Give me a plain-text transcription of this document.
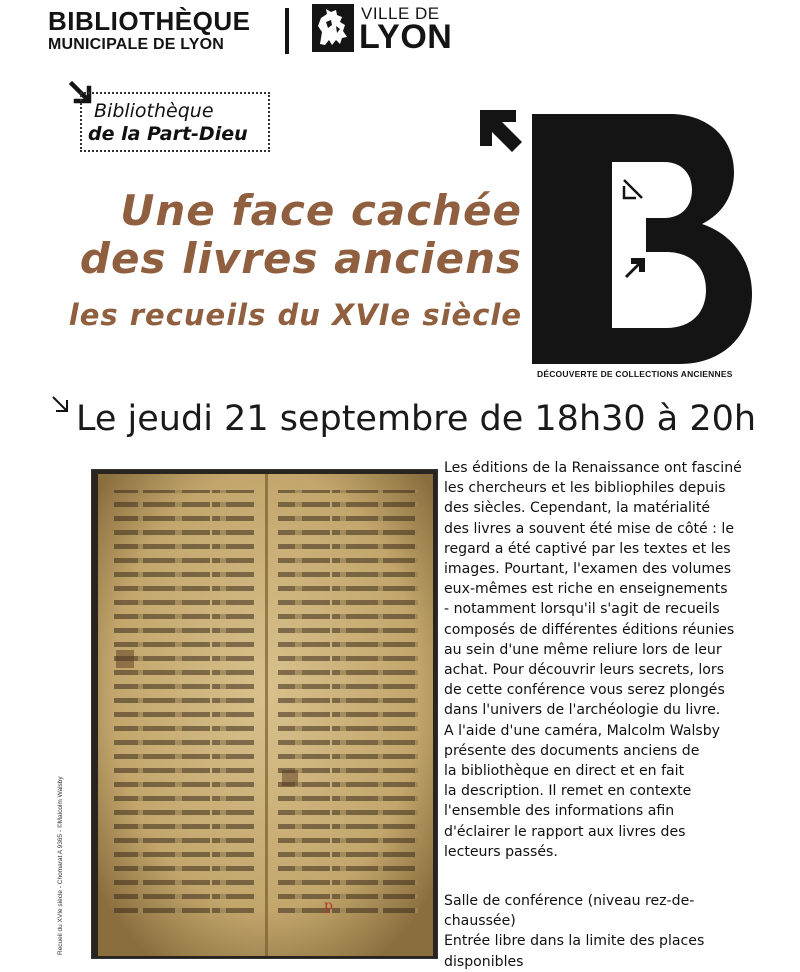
BIBLIOTHÈQUE
MUNICIPALE DE LYON
VILLE DE
LYON
Bibliothèque
de la Part-Dieu
DÉCOUVERTE DE COLLECTIONS ANCIENNES
Une face cachée
des livres anciens
les recueils du XVIe siècle
Le jeudi 21 septembre de 18h30 à 20h
p
Recueil du XVIe siècle - Chomarat A 9365 - ©Malcolm Walsby

Les éditions de la Renaissance ont fasciné

les chercheurs et les bibliophiles depuis

des siècles. Cependant, la matérialité

des livres a souvent été mise de côté : le

regard a été captivé par les textes et les

images. Pourtant, l'examen des volumes

eux-mêmes est riche en enseignements

- notamment lorsqu'il s'agit de recueils

composés de différentes éditions réunies

au sein d'une même reliure lors de leur

achat. Pour découvrir leurs secrets, lors

de cette conférence vous serez plongés

dans l'univers de l'archéologie du livre.

A l'aide d'une caméra, Malcolm Walsby

présente des documents anciens de

la bibliothèque en direct et en fait

la description. Il remet en contexte

l'ensemble des informations afin

d'éclairer le rapport aux livres des

lecteurs passés.

Salle de conférence (niveau rez-de-

chaussée)

Entrée libre dans la limite des places

disponibles
